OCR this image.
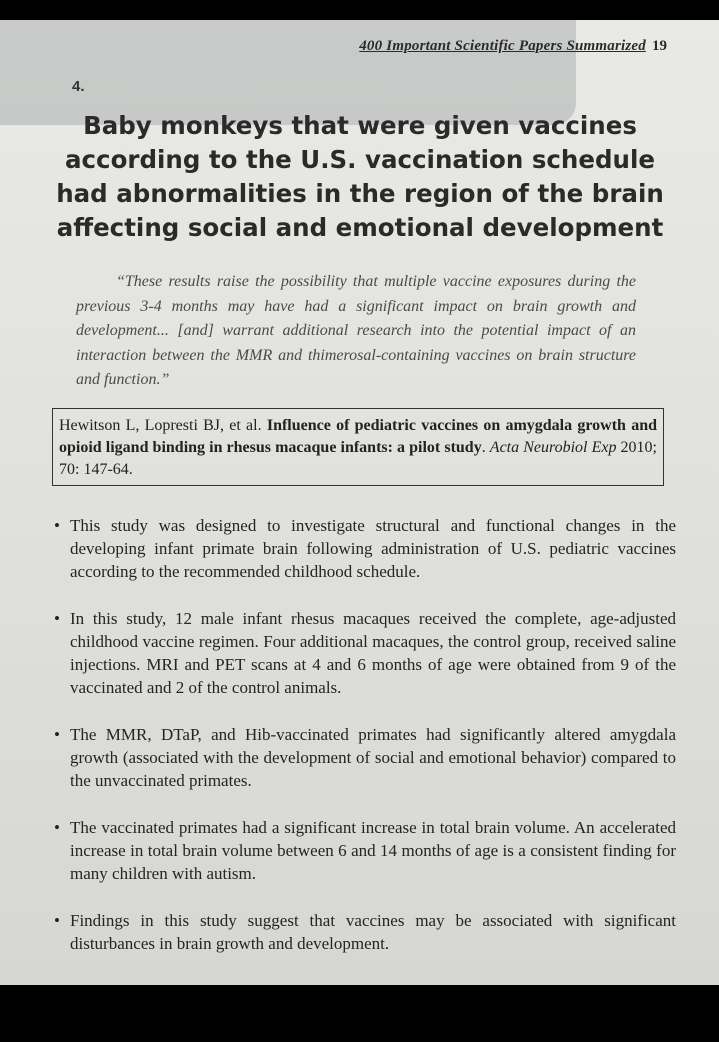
400 Important Scientific Papers Summarized 19
4.
Baby monkeys that were given vaccines according to the U.S. vaccination schedule had abnormalities in the region of the brain affecting social and emotional development

“These results raise the possibility that multiple vaccine exposures during the previous 3-4 months may have had a significant impact on brain growth and development... [and] warrant additional research into the potential impact of an interaction between the MMR and thimerosal-containing vaccines on brain structure and function.”

Hewitson L, Lopresti BJ, et al. Influence of pediatric vaccines on amygdala growth and opioid ligand binding in rhesus macaque infants: a pilot study. Acta Neurobiol Exp 2010; 70: 147-64.
• This study was designed to investigate structural and functional changes in the developing infant primate brain following administration of U.S. pediatric vaccines according to the recommended childhood schedule.
• In this study, 12 male infant rhesus macaques received the complete, age-adjusted childhood vaccine regimen. Four additional macaques, the control group, received saline injections. MRI and PET scans at 4 and 6 months of age were obtained from 9 of the vaccinated and 2 of the control animals.
• The MMR, DTaP, and Hib-vaccinated primates had significantly altered amygdala growth (associated with the development of social and emotional behavior) compared to the unvaccinated primates.
• The vaccinated primates had a significant increase in total brain volume. An accelerated increase in total brain volume between 6 and 14 months of age is a consistent finding for many children with autism.
• Findings in this study suggest that vaccines may be associated with significant disturbances in brain growth and development.
